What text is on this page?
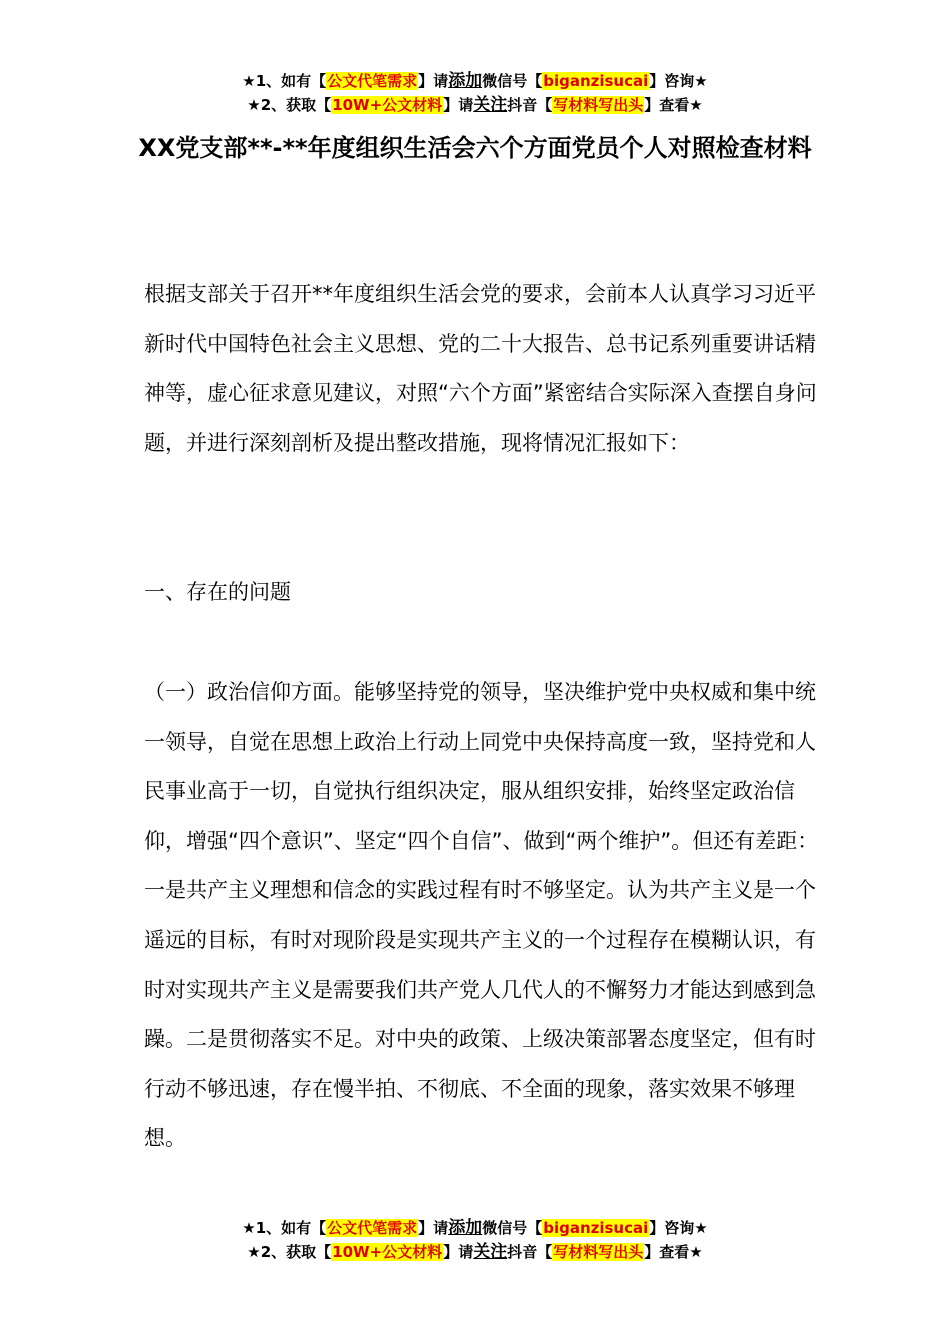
★1、如有【公文代笔需求】请添加微信号【biganzisucai】咨询★
★2、获取【10W+公文材料】请关注抖音【写材料写出头】查看★
XX党支部**-**年度组织生活会六个方面党员个人对照检查材料

根据支部关于召开**年度组织生活会党的要求，会前本人认真学习习近平新时代中国特色社会主义思想、党的二十大报告、总书记系列重要讲话精神等，虚心征求意见建议，对照“六个方面”紧密结合实际深入查摆自身问题，并进行深刻剖析及提出整改措施，现将情况汇报如下：

一、存在的问题

（一）政治信仰方面。能够坚持党的领导，坚决维护党中央权威和集中统一领导，自觉在思想上政治上行动上同党中央保持高度一致，坚持党和人民事业高于一切，自觉执行组织决定，服从组织安排，始终坚定政治信仰，增强“四个意识”、坚定“四个自信”、做到“两个维护”。但还有差距：一是共产主义理想和信念的实践过程有时不够坚定。认为共产主义是一个遥远的目标，有时对现阶段是实现共产主义的一个过程存在模糊认识，有时对实现共产主义是需要我们共产党人几代人的不懈努力才能达到感到急躁。二是贯彻落实不足。对中央的政策、上级决策部署态度坚定，但有时行动不够迅速，存在慢半拍、不彻底、不全面的现象，落实效果不够理想。

★1、如有【公文代笔需求】请添加微信号【biganzisucai】咨询★
★2、获取【10W+公文材料】请关注抖音【写材料写出头】查看★
